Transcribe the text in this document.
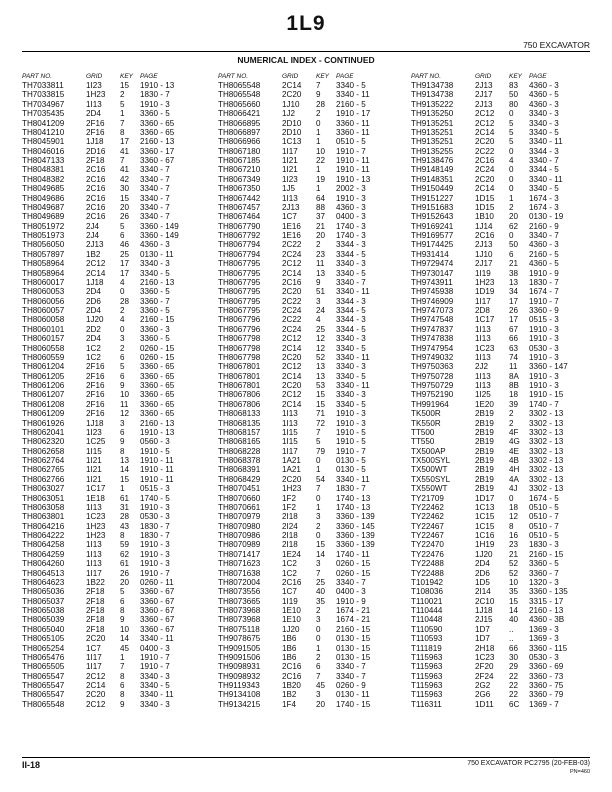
1L9
750 EXCAVATOR
NUMERICAL INDEX - CONTINUED
PART NO.	GRID	KEY PAGE
TH7033811	1I23 15 1910 - 13
TH7033815	1H23 2 1830 - 7
TH7034967	1I13 5 1910 - 3
TH7035435	2D4 1 3360 - 5
TH8041209	2F16 7 3360 - 65
TH8041210	2F16 8 3360 - 65
TH8045901	1J18 17 2160 - 13
TH8046016	2D16 41 3360 - 17
TH8047133	2F18 7 3360 - 67
TH8048381	2C16 41 3340 - 7
TH8048382	2C16 42 3340 - 7
TH8049685	2C16 30 3340 - 7
TH8049686	2C16 15 3340 - 7
TH8049687	2C16 20 3340 - 7
TH8049689	2C16 26 3340 - 7
TH8051972	2J4	5 3360 - 149
TH8051973	2J4	6 3360 - 149
TH8056050	2J13 46 4360 - 3
TH8057897	1B2 25 0130 - 11
TH8058964	2C12 17 3340 - 3
TH8058964	2C14 17 3340 - 5
TH8060017	1J18 4 2160 - 13
TH8060053	2D4 0 3360 - 5
TH8060056	2D6 28 3360 - 7
TH8060057	2D4 2 3360 - 5
TH8060058	1J20 4 2160 - 15
TH8060101	2D2 0 3360 - 3
TH8060157	2D4 3 3360 - 5
TH8060558	1C2 2 0260 - 15
TH8060559	1C2 6 0260 - 15
TH8061204	2F16 5 3360 - 65
TH8061205	2F16 6 3360 - 65
TH8061206	2F16 9 3360 - 65
TH8061207	2F16 10 3360 - 65
TH8061208	2F16 11 3360 - 65
TH8061209	2F16 12 3360 - 65
TH8061926	1J18 3 2160 - 13
TH8062041	1I23 6 1910 - 13
TH8062320	1C25 9 0560 - 3
TH8062658	1I15 8 1910 - 5
TH8062764	1I21 13 1910 - 11
TH8062765	1I21 14 1910 - 11
TH8062766	1I21 15 1910 - 11
TH8063027	1C17 1 0515 - 3
TH8063051	1E18 61 1740 - 5
TH8063058	1I13 31 1910 - 3
TH8063801	1C23 28 0530 - 3
TH8064216	1H23 43 1830 - 7
TH8064222	1H23 8 1830 - 7
TH8064258	1I13 59 1910 - 3
TH8064259	1I13 62 1910 - 3
TH8064260	1I13 61 1910 - 3
TH8064513	1I17 26 1910 - 7
TH8064623	1B22 20 0260 - 11
TH8065036	2F18 5 3360 - 67
TH8065037	2F18 6 3360 - 67
TH8065038	2F18 8 3360 - 67
TH8065039	2F18 9 3360 - 67
TH8065040	2F18 10 3360 - 67
TH8065105	2C20 14 3340 - 11
TH8065254	1C7 45 0400 - 3
TH8065476	1I17 1 1910 - 7
TH8065505	1I17 7 1910 - 7
TH8065547	2C12 8 3340 - 3
TH8065547	2C14 6 3340 - 5
TH8065547	2C20 8 3340 - 11
TH8065548	2C12 9 3340 - 3
PART NO.	GRID	KEY PAGE
TH8065548	2C14 7 3340 - 5
TH8065548	2C20 9 3340 - 11
TH8065660	1J10 28 2160 - 5
TH8066421	1J2	2 1910 - 17
TH8066895	2D10 0 3360 - 11
TH8066897	2D10 1 3360 - 11
TH8066966	1C13 1 0510 - 5
TH8067180	1I17 10 1910 - 7
TH8067185	1I21 22 1910 - 11
TH8067210	1I21 1 1910 - 11
TH8067349	1I23 19 1910 - 13
TH8067350	1J5	1 2002 - 3
TH8067442	1I13 64 1910 - 3
TH8067457	2J13 88 4360 - 3
TH8067464	1C7 37 0400 - 3
TH8067790	1E16 21 1740 - 3
TH8067792	1E16 20 1740 - 3
TH8067794	2C22 2 3344 - 3
TH8067794	2C24 23 3344 - 5
TH8067795	2C12 11 3340 - 3
TH8067795	2C14 13 3340 - 5
TH8067795	2C16 9 3340 - 7
TH8067795	2C20 51 3340 - 11
TH8067795	2C22 3 3344 - 3
TH8067795	2C24 24 3344 - 5
TH8067796	2C22 4 3344 - 3
TH8067796	2C24 25 3344 - 5
TH8067798	2C12 12 3340 - 3
TH8067798	2C14 12 3340 - 5
TH8067798	2C20 52 3340 - 11
TH8067801	2C12 13 3340 - 3
TH8067801	2C14 13 3340 - 5
TH8067801	2C20 53 3340 - 11
TH8067806	2C12 15 3340 - 3
TH8067806	2C14 15 3340 - 5
TH8068133	1I13 71 1910 - 3
TH8068135	1I13 72 1910 - 3
TH8068157	1I15 7 1910 - 5
TH8068165	1I15 5 1910 - 5
TH8068228	1I17 79 1910 - 7
TH8068378	1A21 0 0130 - 5
TH8068391	1A21 1 0130 - 5
TH8068429	2C20 54 3340 - 11
TH8070451	1H23 7 1830 - 7
TH8070660	1F2 0 1740 - 13
TH8070661	1F2 1 1740 - 13
TH8070979	2I18 3 3360 - 139
TH8070980	2I24 2 3360 - 145
TH8070986	2I18 0 3360 - 139
TH8070989	2I18 15 3360 - 139
TH8071417	1E24 14 1740 - 11
TH8071623	1C2 3 0260 - 15
TH8071638	1C2 7 0260 - 15
TH8072004	2C16 25 3340 - 7
TH8073556	1C7 40 0400 - 3
TH8073665	1I19 35 1910 - 9
TH8073968	1E10 2 1674 - 21
TH8073968	1E10 3 1674 - 21
TH8075118	1J20 0 2160 - 15
TH9078675	1B6 0 0130 - 15
TH9091505	1B6 1 0130 - 15
TH9091506	1B6 2 0130 - 15
TH9098931	2C16 6 3340 - 7
TH9098932	2C16 7 3340 - 7
TH9119343	1B20 45 0260 - 9
TH9134108	1B2 3 0130 - 11
TH9134215	1F4 20 1740 - 15
PART NO.	GRID	KEY PAGE
TH9134738	2J13 83 4360 - 3
TH9134738	2J17 50 4360 - 5
TH9135222	2J13 80 4360 - 3
TH9135250	2C12 0 3340 - 3
TH9135251	2C12 5 3340 - 3
TH9135251	2C14 5 3340 - 5
TH9135251	2C20 5 3340 - 11
TH9135255	2C22 0 3344 - 3
TH9138476	2C16 4 3340 - 7
TH9148149	2C24 0 3344 - 5
TH9148351	2C20 0 3340 - 11
TH9150449	2C14 0 3340 - 5
TH9151227	1D15 1 1674 - 3
TH9151683	1D15 2 1674 - 3
TH9152643	1B10 20 0130 - 19
TH9169241	1J14 62 2160 - 9
TH9169577	2C16 0 3340 - 7
TH9174425	2J13 50 4360 - 3
TH931414	1J10 6 2160 - 5
TH9729474	2J17 21 4360 - 5
TH9730147	1I19 38 1910 - 9
TH9743911	1H23 13 1830 - 7
TH9745938	1D19 34 1674 - 7
TH9746909	1I17 17 1910 - 7
TH9747073	2D8 26 3360 - 9
TH9747548	1C17 17 0515 - 3
TH9747837	1I13 67 1910 - 3
TH9747838	1I13 66 1910 - 3
TH9747954	1C23 63 0530 - 3
TH9749032	1I13 74 1910 - 3
TH9750363	2J2	11 3360 - 147
TH9750728	1I13 8A 1910 - 3
TH9750729	1I13 8B 1910 - 3
TH9752190	1I25 18 1910 - 15
TH991964	1E20 39 1740 - 7
TK500R	2B19 2 3302 - 13
TK550R	2B19 2 3302 - 13
TT500	2B19 4F 3302 - 13
TT550	2B19 4G 3302 - 13
TX500AP	2B19 4E 3302 - 13
TX500SYL	2B19 4B 3302 - 13
TX500WT	2B19 4H 3302 - 13
TX550SYL	2B19 4A 3302 - 13
TX550WT	2B19 4J 3302 - 13
TY21709	1D17 0 1674 - 5
TY22462	1C13 18 0510 - 5
TY22462	1C15 12 0510 - 7
TY22467	1C15 8 0510 - 7
TY22467	1C16 16 0510 - 5
TY22470	1H19 23 1830 - 3
TY22476	1J20 21 2160 - 15
TY22488	2D4 52 3360 - 5
TY22488	2D6 52 3360 - 7
T101942	1D5 10 1320 - 3
T108036	2I14 35 3360 - 135
T110021	2C10 15 3315 - 17
T110444	1J18 14 2160 - 13
T110448	2J15 40 4360 - 3B
T110590	1D7 .. 1369 - 3
T110593	1D7 .. 1369 - 3
T111819	2H18 66 3360 - 115
T115963	1C23 30 0530 - 3
T115963	2F20 29 3360 - 69
T115963	2F24 22 3360 - 73
T115963	2G2 22 3360 - 75
T115963	2G6 22 3360 - 79
T116311	1D11 6C 1369 - 7
II-18	750 EXCAVATOR PC2795 (20-FEB-03)
PN=460
